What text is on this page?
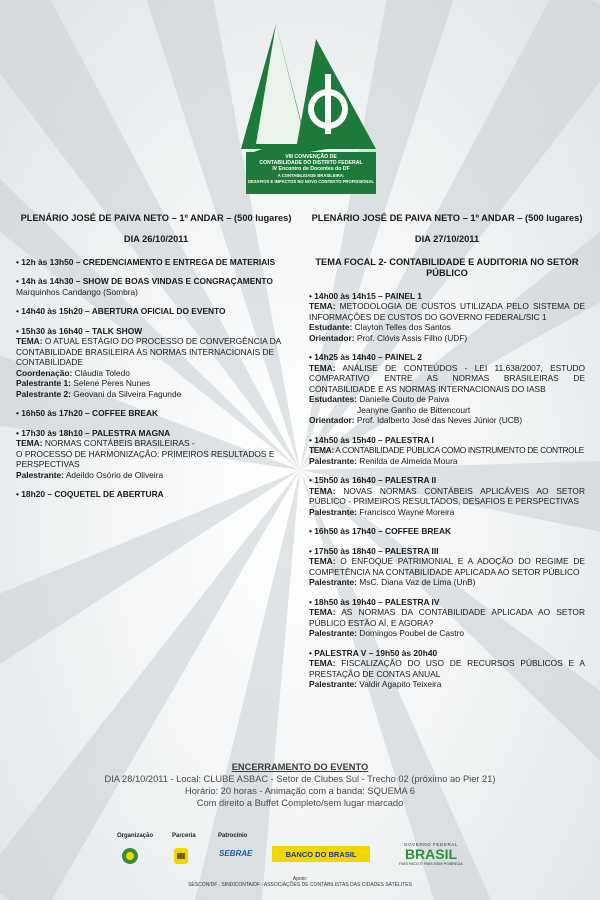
VIII CONVENÇÃO DE
CONTABILIDADE DO DISTRITO FEDERAL
IV Encontro de Docentes do DF
A CONTABILIDADE BRASILEIRA:
DESAFIOS E IMPACTOS NO NOVO CONTEXTO PROFISSIONAL
PLENÁRIO JOSÉ DE PAIVA NETO – 1º ANDAR – (500 lugares)
DIA 26/10/2011
• 12h às 13h50 – CREDENCIAMENTO E ENTREGA DE MATERIAIS
• 14h às 14h30 – SHOW DE BOAS VINDAS E CONGRAÇAMENTO
Marquinhos Candango (Sombra)
• 14h40 às 15h20 – ABERTURA OFICIAL DO EVENTO
• 15h30 às 16h40 – TALK SHOW
TEMA: O ATUAL ESTÁGIO DO PROCESSO DE CONVERGÊNCIA DA CONTABILIDADE BRASILEIRA ÀS NORMAS INTERNACIONAIS DE CONTABILIDADE
Coordenação: Cláudia Toledo
Palestrante 1: Selene Peres Nunes
Palestrante 2: Geovani da Silveira Fagunde
• 16h50 às 17h20 – COFFEE BREAK
• 17h30 às 18h10 – PALESTRA MAGNA
TEMA: NORMAS CONTÁBEIS BRASILEIRAS -
O PROCESSO DE HARMONIZAÇÃO: PRIMEIROS RESULTADOS E PERSPECTIVAS
Palestrante: Adeildo Osório de Oliveira
• 18h20 – COQUETEL DE ABERTURA
PLENÁRIO JOSÉ DE PAIVA NETO – 1º ANDAR – (500 lugares)
DIA 27/10/2011
TEMA FOCAL 2- CONTABILIDADE E AUDITORIA NO SETOR PÚBLICO
• 14h00 às 14h15 – PAINEL 1
TEMA: METODOLOGIA DE CUSTOS UTILIZADA PELO SISTEMA DE INFORMAÇÕES DE CUSTOS DO GOVERNO FEDERAL/SIC 1
Estudante: Clayton Telles dos Santos
Orientador: Prof. Clóvis Assis Filho (UDF)
• 14h25 às 14h40 – PAINEL 2
TEMA: ANÁLISE DE CONTEÚDOS - LEI 11.638/2007, ESTUDO COMPARATIVO ENTRE AS NORMAS BRASILEIRAS DE CONTABILIDADE E AS NORMAS INTERNACIONAIS DO IASB
Estudantes: Danielle Couto de Paiva
Jeanyne Ganho de Bittencourt
Orientador: Prof. Idalberto José das Neves Júnior (UCB)
• 14h50 às 15h40 – PALESTRA I
TEMA: A CONTABILIDADE PÚBLICA COMO INSTRUMENTO DE CONTROLE
Palestrante: Renilda de Almeida Moura
• 15h50 às 16h40 – PALESTRA II
TEMA: NOVAS NORMAS CONTÁBEIS APLICÁVEIS AO SETOR PÚBLICO - PRIMEIROS RESULTADOS, DESAFIOS E PERSPECTIVAS
Palestrante: Francisco Wayne Moreira
• 16h50 às 17h40 – COFFEE BREAK
• 17h50 às 18h40 – PALESTRA III
TEMA: O ENFOQUE PATRIMONIAL E A ADOÇÃO DO REGIME DE COMPETÊNCIA NA CONTABILIDADE APLICADA AO SETOR PÚBLICO
Palestrante: MsC. Diana Vaz de Lima (UnB)
• 18h50 às 19h40 – PALESTRA IV
TEMA: AS NORMAS DA CONTABILIDADE APLICADA AO SETOR PÚBLICO ESTÃO AÍ, E AGORA?
Palestrante: Domingos Poubel de Castro
• PALESTRA V – 19h50 às 20h40
TEMA: FISCALIZAÇÃO DO USO DE RECURSOS PÚBLICOS E A PRESTAÇÃO DE CONTAS ANUAL
Palestrante: Valdir Agapito Teixeira
ENCERRAMENTO DO EVENTO
DIA 28/10/2011 - Local: CLUBE ASBAC - Setor de Clubes Sul - Trecho 02 (próximo ao Pier 21)
Horário: 20 horas - Animação com a banda: SQUEMA 6
Com direito a Buffet Completo/sem lugar marcado
Organização	Parceria	Patrocínio
SEBRAE	BANCO DO BRASIL
GOVERNO FEDERAL
BRASIL
PAÍS RICO É PAÍS SEM POBREZA
Apoio:
SESCON/DF . SINDICONTA/DF . ASSOCIAÇÕES DE CONTABILISTAS DAS CIDADES SATÉLITES
